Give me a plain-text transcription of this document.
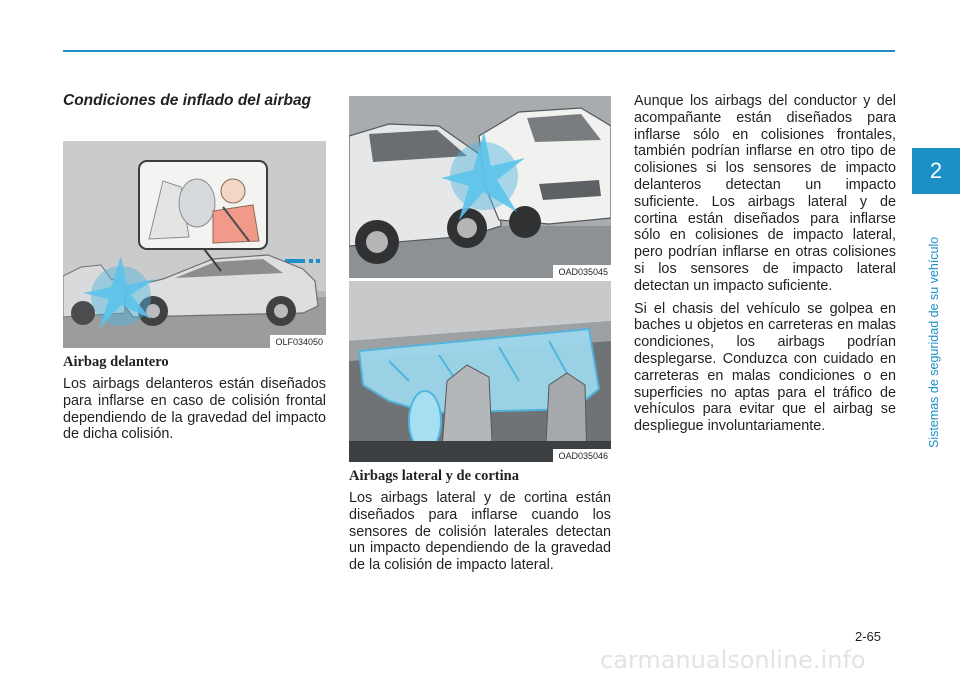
2
Sistemas de seguridad de su vehículo
Condiciones de inflado del airbag
OLF034050
Airbag delantero

Los airbags delanteros están diseñados para inflarse en caso de colisión frontal dependiendo de la gravedad del impacto de dicha colisión.

OAD035045
OAD035046
Airbags lateral y de cortina

Los airbags lateral y de cortina están diseñados para inflarse cuando los sensores de colisión laterales detectan un impacto dependiendo de la gravedad de la colisión de impacto lateral.

Aunque los airbags del conductor y del acompañante están diseñados para inflarse sólo en colisiones frontales, también podrían inflarse en otro tipo de colisiones si los sensores de impacto delanteros detectan un impacto suficiente. Los airbags lateral y de cortina están diseñados para inflarse sólo en colisiones de impacto lateral, pero podrían inflarse en otras colisiones si los sensores de impacto lateral detectan un impacto suficiente.

Si el chasis del vehículo se golpea en baches u objetos en carreteras en malas condiciones, los airbags podrían desplegarse. Conduzca con cuidado en carreteras en malas condiciones o en superficies no aptas para el tráfico de vehículos para evitar que el airbag se despliegue involuntariamente.

2-65
carmanualsonline.info
